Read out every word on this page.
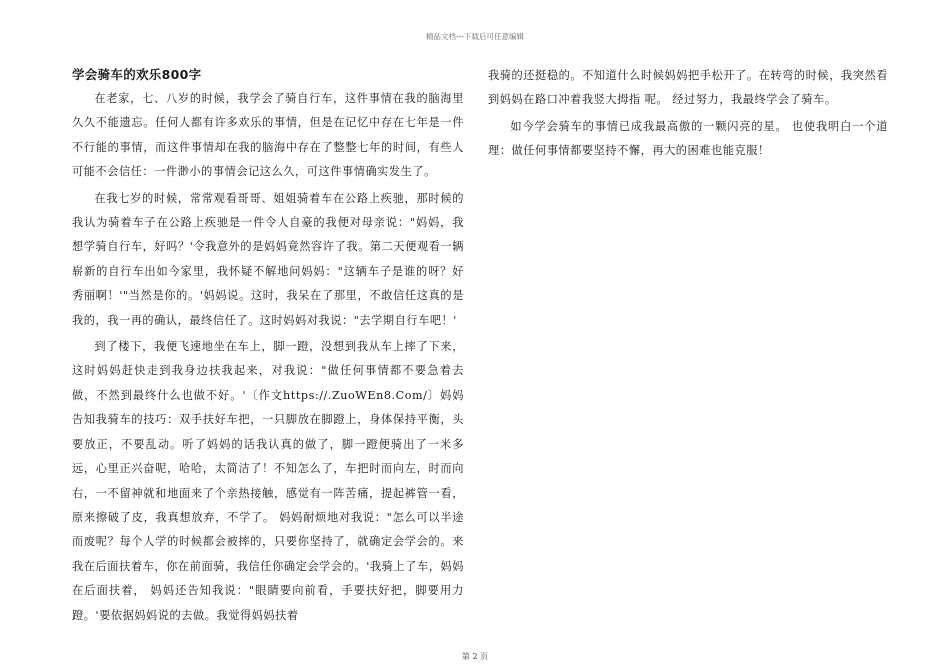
精品文档---下载后可任意编辑
学会骑车的欢乐800字

在老家，七、八岁的时候，我学会了骑自行车，这件事情在我的脑海里久久不能遗忘。任何人都有许多欢乐的事情，但是在记忆中存在七年是一件不行能的事情，而这件事情却在我的脑海中存在了整整七年的时间，有些人可能不会信任：一件渺小的事情会记这么久，可这件事情确实发生了。

在我七岁的时候，常常观看哥哥、姐姐骑着车在公路上疾驰，那时候的我认为骑着车子在公路上疾驰是一件令人自豪的我便对母亲说："妈妈，我想学骑自行车，好吗？'令我意外的是妈妈竟然容许了我。第二天便观看一辆崭新的自行车出如今家里，我怀疑不解地问妈妈："这辆车子是谁的呀？好秀丽啊！'"当然是你的。'妈妈说。这时，我呆在了那里，不敢信任这真的是我的，我一再的确认，最终信任了。这时妈妈对我说："去学期自行车吧！'

到了楼下，我便飞速地坐在车上，脚一蹬，没想到我从车上摔了下来，这时妈妈赶快走到我身边扶我起来，对我说："做任何事情都不要急着去做，不然到最终什么也做不好。'〔作文https://.ZuoWEn8.Com/〕妈妈告知我骑车的技巧：双手扶好车把，一只脚放在脚蹬上，身体保持平衡，头要放正，不要乱动。听了妈妈的话我认真的做了，脚一蹬便骑出了一米多远，心里正兴奋呢，哈哈，太简洁了！不知怎么了，车把时而向左，时而向右，一不留神就和地面来了个亲热接触，感觉有一阵苦痛，提起裤管一看，原来擦破了皮，我真想放弃，不学了。 妈妈耐烦地对我说："怎么可以半途而废呢？每个人学的时候都会被摔的，只要你坚持了，就确定会学会的。来我在后面扶着车，你在前面骑，我信任你确定会学会的。'我骑上了车，妈妈在后面扶着， 妈妈还告知我说："眼睛要向前看，手要扶好把，脚要用力蹬。'要依据妈妈说的去做。我觉得妈妈扶着

我骑的还挺稳的。不知道什么时候妈妈把手松开了。在转弯的时候，我突然看到妈妈在路口冲着我竖大拇指 呢。 经过努力，我最终学会了骑车。

如今学会骑车的事情已成我最高傲的一颗闪亮的星。 也使我明白一个道理：做任何事情都要坚持不懈，再大的困难也能克服！

第 2 页
